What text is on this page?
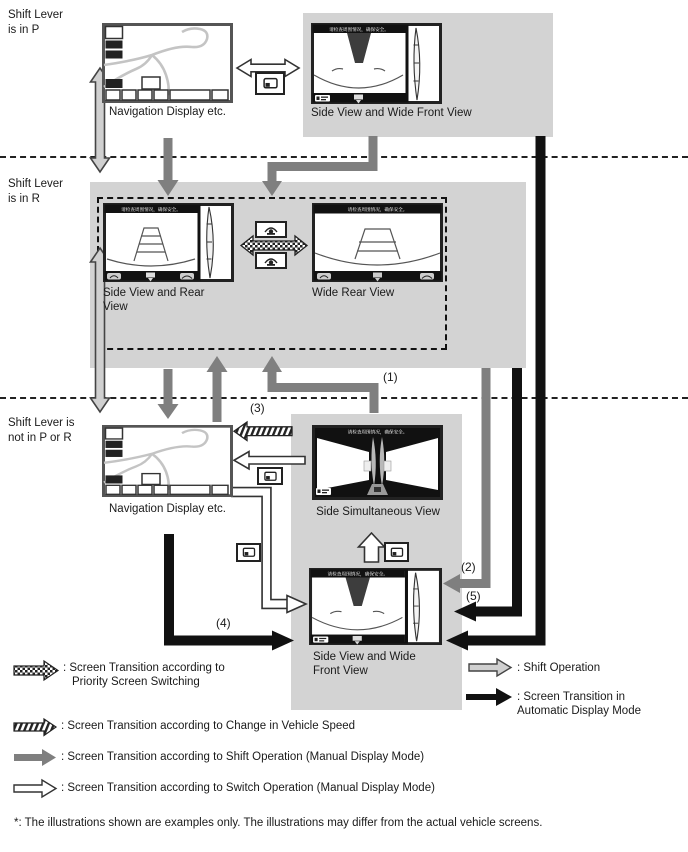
Shift Lever
is in P
Shift Lever
is in R
Shift Lever is
not in P or R
Navigation Display etc.
请检查周围情况，确保安全。
Side View and Wide Front View
请检查周围情况，确保安全。
Side View and Rear
View
请检查周围情况，确保安全。
Wide Rear View
Navigation Display etc.
请检查周围情况，确保安全。
Side Simultaneous View
请检查周围情况，确保安全。
Side View and Wide
Front View
(1)
(2)
(3)
(4)
(5)
: Screen Transition according to
Priority Screen Switching
: Screen Transition according to Change in Vehicle Speed
: Screen Transition according to Shift Operation (Manual Display Mode)
: Screen Transition according to Switch Operation (Manual Display Mode)
: Shift Operation
: Screen Transition in
Automatic Display Mode
*: The illustrations shown are examples only. The illustrations may differ from the actual vehicle screens.
